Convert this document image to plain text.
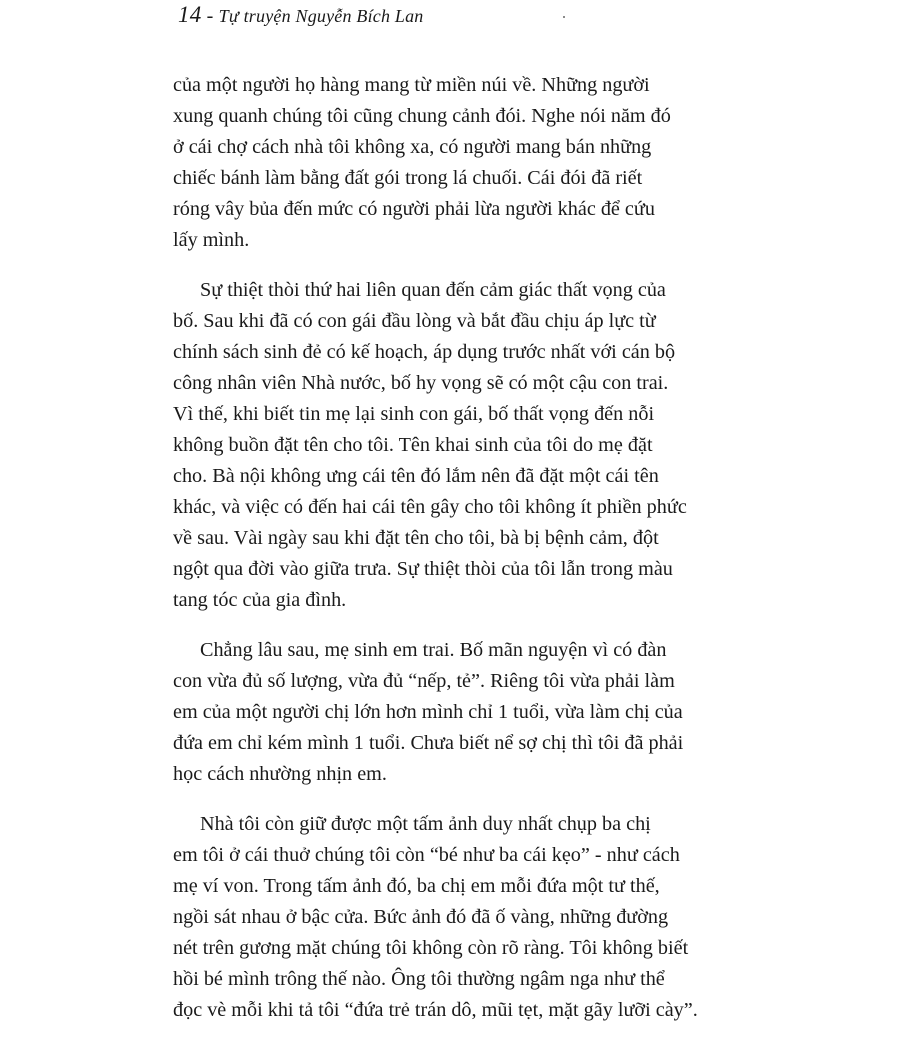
14 - Tự truyện Nguyễn Bích Lan
của một người họ hàng mang từ miền núi về. Những người
xung quanh chúng tôi cũng chung cảnh đói. Nghe nói năm đó
ở cái chợ cách nhà tôi không xa, có người mang bán những
chiếc bánh làm bằng đất gói trong lá chuối. Cái đói đã riết
róng vây bủa đến mức có người phải lừa người khác để cứu
lấy mình.
Sự thiệt thòi thứ hai liên quan đến cảm giác thất vọng của
bố. Sau khi đã có con gái đầu lòng và bắt đầu chịu áp lực từ
chính sách sinh đẻ có kế hoạch, áp dụng trước nhất với cán bộ
công nhân viên Nhà nước, bố hy vọng sẽ có một cậu con trai.
Vì thế, khi biết tin mẹ lại sinh con gái, bố thất vọng đến nỗi
không buồn đặt tên cho tôi. Tên khai sinh của tôi do mẹ đặt
cho. Bà nội không ưng cái tên đó lắm nên đã đặt một cái tên
khác, và việc có đến hai cái tên gây cho tôi không ít phiền phức
về sau. Vài ngày sau khi đặt tên cho tôi, bà bị bệnh cảm, đột
ngột qua đời vào giữa trưa. Sự thiệt thòi của tôi lẫn trong màu
tang tóc của gia đình.
Chẳng lâu sau, mẹ sinh em trai. Bố mãn nguyện vì có đàn
con vừa đủ số lượng, vừa đủ “nếp, tẻ”. Riêng tôi vừa phải làm
em của một người chị lớn hơn mình chỉ 1 tuổi, vừa làm chị của
đứa em chỉ kém mình 1 tuổi. Chưa biết nể sợ chị thì tôi đã phải
học cách nhường nhịn em.
Nhà tôi còn giữ được một tấm ảnh duy nhất chụp ba chị
em tôi ở cái thuở chúng tôi còn “bé như ba cái kẹo” - như cách
mẹ ví von. Trong tấm ảnh đó, ba chị em mỗi đứa một tư thế,
ngồi sát nhau ở bậc cửa. Bức ảnh đó đã ố vàng, những đường
nét trên gương mặt chúng tôi không còn rõ ràng. Tôi không biết
hồi bé mình trông thế nào. Ông tôi thường ngâm nga như thể
đọc vè mỗi khi tả tôi “đứa trẻ trán dô, mũi tẹt, mặt gãy lưỡi cày”.
